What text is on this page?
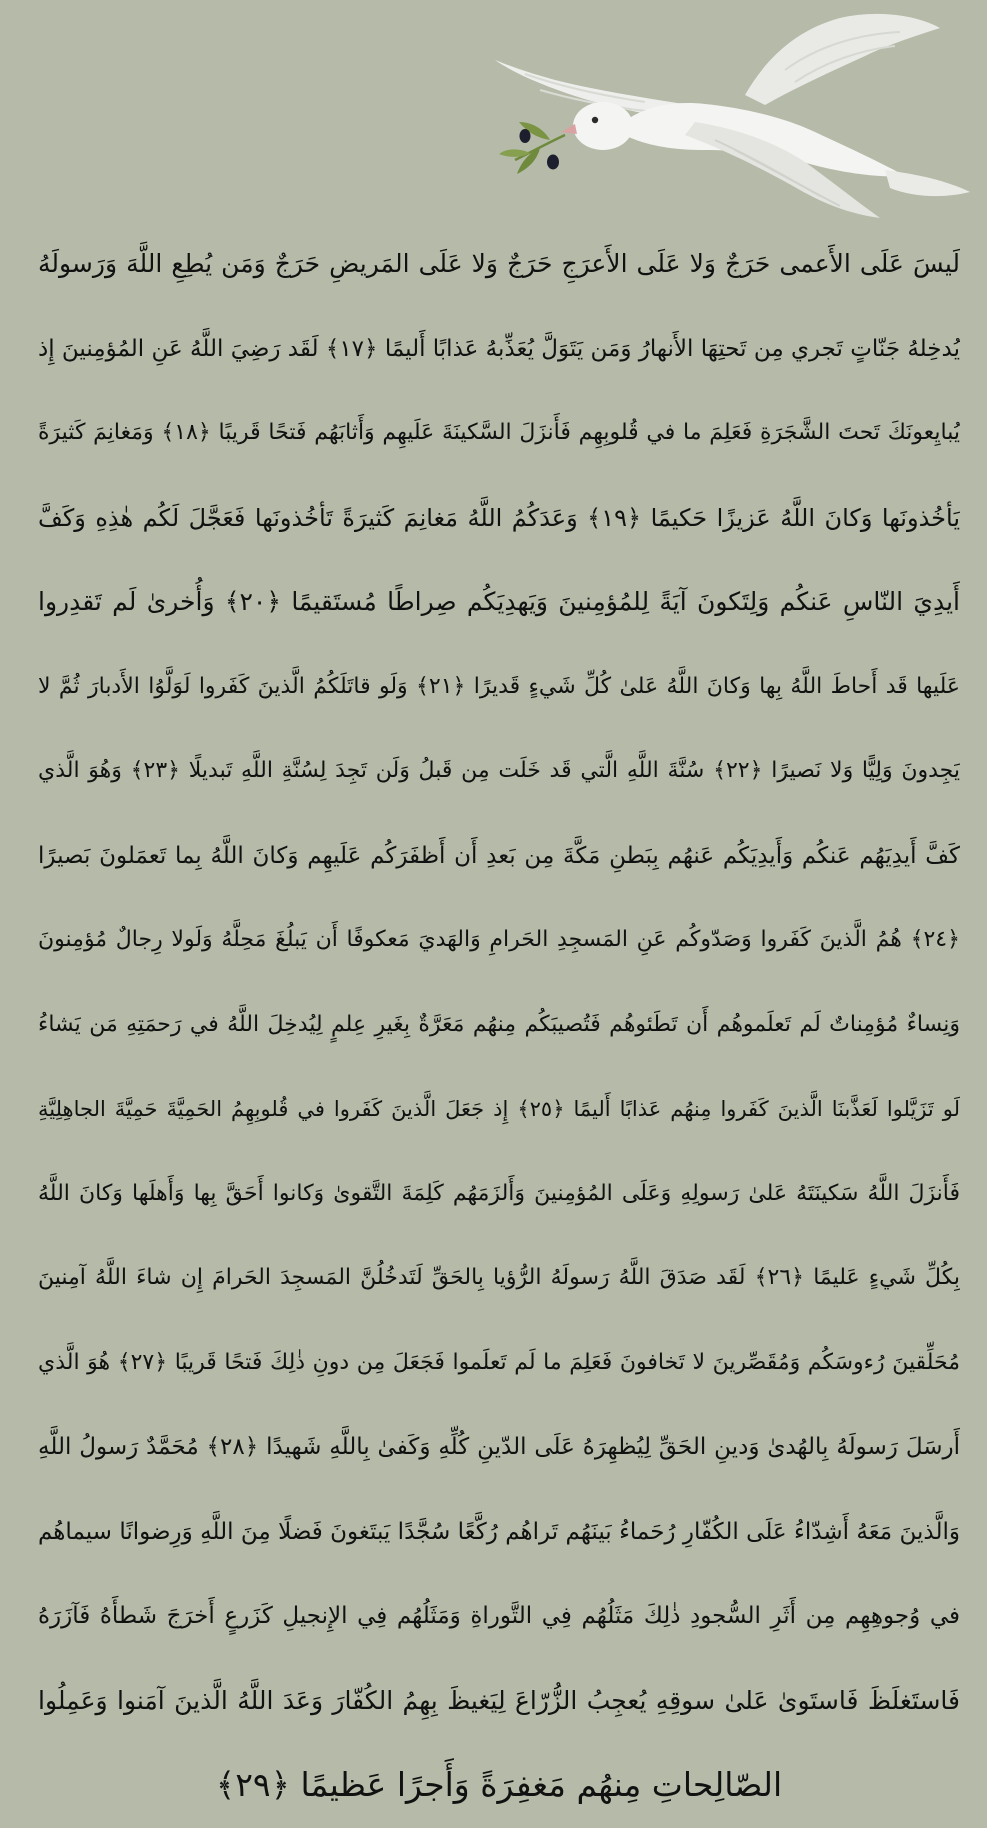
لَيسَ عَلَى الأَعمى حَرَجٌ وَلا عَلَى الأَعرَجِ حَرَجٌ وَلا عَلَى المَريضِ حَرَجٌ وَمَن يُطِعِ اللَّهَ وَرَسولَهُ
يُدخِلهُ جَنّاتٍ تَجري مِن تَحتِهَا الأَنهارُ وَمَن يَتَوَلَّ يُعَذِّبهُ عَذابًا أَليمًا ﴿١٧﴾ لَقَد رَضِيَ اللَّهُ عَنِ المُؤمِنينَ إِذ
يُبايِعونَكَ تَحتَ الشَّجَرَةِ فَعَلِمَ ما في قُلوبِهِم فَأَنزَلَ السَّكينَةَ عَلَيهِم وَأَثابَهُم فَتحًا قَريبًا ﴿١٨﴾ وَمَغانِمَ كَثيرَةً
يَأخُذونَها وَكانَ اللَّهُ عَزيزًا حَكيمًا ﴿١٩﴾ وَعَدَكُمُ اللَّهُ مَغانِمَ كَثيرَةً تَأخُذونَها فَعَجَّلَ لَكُم هٰذِهِ وَكَفَّ
أَيدِيَ النّاسِ عَنكُم وَلِتَكونَ آيَةً لِلمُؤمِنينَ وَيَهدِيَكُم صِراطًا مُستَقيمًا ﴿٢٠﴾ وَأُخرىٰ لَم تَقدِروا
عَلَيها قَد أَحاطَ اللَّهُ بِها وَكانَ اللَّهُ عَلىٰ كُلِّ شَيءٍ قَديرًا ﴿٢١﴾ وَلَو قاتَلَكُمُ الَّذينَ كَفَروا لَوَلَّوُا الأَدبارَ ثُمَّ لا
يَجِدونَ وَلِيًّا وَلا نَصيرًا ﴿٢٢﴾ سُنَّةَ اللَّهِ الَّتي قَد خَلَت مِن قَبلُ وَلَن تَجِدَ لِسُنَّةِ اللَّهِ تَبديلًا ﴿٢٣﴾ وَهُوَ الَّذي
كَفَّ أَيدِيَهُم عَنكُم وَأَيدِيَكُم عَنهُم بِبَطنِ مَكَّةَ مِن بَعدِ أَن أَظفَرَكُم عَلَيهِم وَكانَ اللَّهُ بِما تَعمَلونَ بَصيرًا
﴿٢٤﴾ هُمُ الَّذينَ كَفَروا وَصَدّوكُم عَنِ المَسجِدِ الحَرامِ وَالهَديَ مَعكوفًا أَن يَبلُغَ مَحِلَّهُ وَلَولا رِجالٌ مُؤمِنونَ
وَنِساءٌ مُؤمِناتٌ لَم تَعلَموهُم أَن تَطَئوهُم فَتُصيبَكُم مِنهُم مَعَرَّةٌ بِغَيرِ عِلمٍ لِيُدخِلَ اللَّهُ في رَحمَتِهِ مَن يَشاءُ
لَو تَزَيَّلوا لَعَذَّبنَا الَّذينَ كَفَروا مِنهُم عَذابًا أَليمًا ﴿٢٥﴾ إِذ جَعَلَ الَّذينَ كَفَروا في قُلوبِهِمُ الحَمِيَّةَ حَمِيَّةَ الجاهِلِيَّةِ
فَأَنزَلَ اللَّهُ سَكينَتَهُ عَلىٰ رَسولِهِ وَعَلَى المُؤمِنينَ وَأَلزَمَهُم كَلِمَةَ التَّقوىٰ وَكانوا أَحَقَّ بِها وَأَهلَها وَكانَ اللَّهُ
بِكُلِّ شَيءٍ عَليمًا ﴿٢٦﴾ لَقَد صَدَقَ اللَّهُ رَسولَهُ الرُّؤيا بِالحَقِّ لَتَدخُلُنَّ المَسجِدَ الحَرامَ إِن شاءَ اللَّهُ آمِنينَ
مُحَلِّقينَ رُءوسَكُم وَمُقَصِّرينَ لا تَخافونَ فَعَلِمَ ما لَم تَعلَموا فَجَعَلَ مِن دونِ ذٰلِكَ فَتحًا قَريبًا ﴿٢٧﴾ هُوَ الَّذي
أَرسَلَ رَسولَهُ بِالهُدىٰ وَدينِ الحَقِّ لِيُظهِرَهُ عَلَى الدّينِ كُلِّهِ وَكَفىٰ بِاللَّهِ شَهيدًا ﴿٢٨﴾ مُحَمَّدٌ رَسولُ اللَّهِ
وَالَّذينَ مَعَهُ أَشِدّاءُ عَلَى الكُفّارِ رُحَماءُ بَينَهُم تَراهُم رُكَّعًا سُجَّدًا يَبتَغونَ فَضلًا مِنَ اللَّهِ وَرِضوانًا سيماهُم
في وُجوهِهِم مِن أَثَرِ السُّجودِ ذٰلِكَ مَثَلُهُم فِي التَّوراةِ وَمَثَلُهُم فِي الإِنجيلِ كَزَرعٍ أَخرَجَ شَطأَهُ فَآزَرَهُ
فَاستَغلَظَ فَاستَوىٰ عَلىٰ سوقِهِ يُعجِبُ الزُّرّاعَ لِيَغيظَ بِهِمُ الكُفّارَ وَعَدَ اللَّهُ الَّذينَ آمَنوا وَعَمِلُوا
الصّالِحاتِ مِنهُم مَغفِرَةً وَأَجرًا عَظيمًا ﴿٢٩﴾
